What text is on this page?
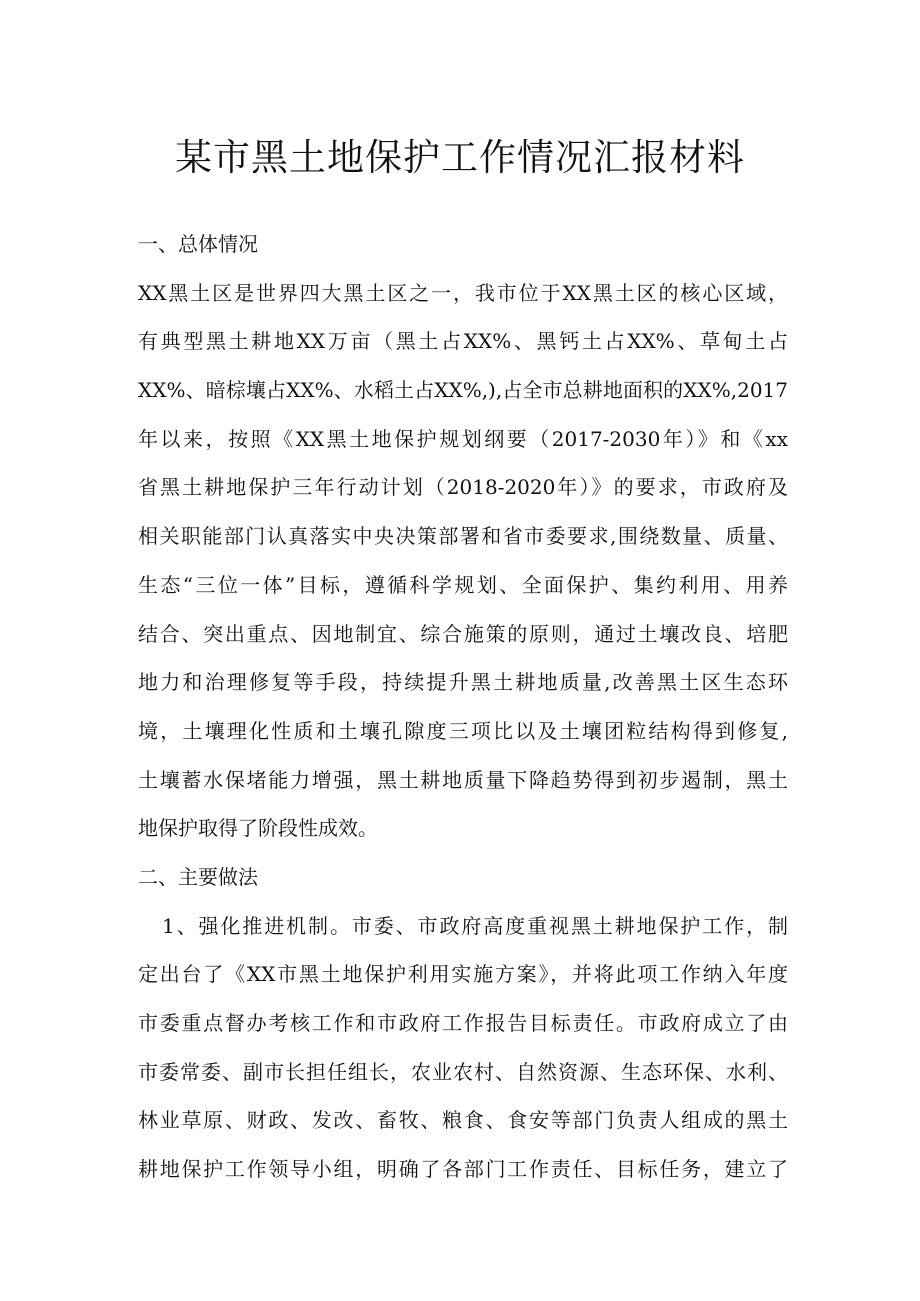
某市黑土地保护工作情况汇报材料
一、总体情况
XX黑土区是世界四大黑土区之一，我市位于XX黑土区的核心区域，
有典型黑土耕地XX万亩（黑土占XX%、黑钙土占XX%、草甸土占
XX%、暗棕壤占XX%、水稻土占XX%,),占全市总耕地面积的XX%,2017
年以来，按照《XX黑土地保护规划纲要（2017-2030年）》和《xx
省黑土耕地保护三年行动计划（2018-2020年）》的要求，市政府及
相关职能部门认真落实中央决策部署和省市委要求,围绕数量、质量、
生态“三位一体”目标，遵循科学规划、全面保护、集约利用、用养
结合、突出重点、因地制宜、综合施策的原则，通过土壤改良、培肥
地力和治理修复等手段，持续提升黑土耕地质量,改善黑土区生态环
境，土壤理化性质和土壤孔隙度三项比以及土壤团粒结构得到修复,
土壤蓄水保堵能力增强，黑土耕地质量下降趋势得到初步遏制，黑土
地保护取得了阶段性成效。
二、主要做法
1、强化推进机制。市委、市政府高度重视黑土耕地保护工作，制
定出台了《XX市黑土地保护利用实施方案》，并将此项工作纳入年度
市委重点督办考核工作和市政府工作报告目标责任。市政府成立了由
市委常委、副市长担任组长，农业农村、自然资源、生态环保、水利、
林业草原、财政、发改、畜牧、粮食、食安等部门负责人组成的黑土
耕地保护工作领导小组，明确了各部门工作责任、目标任务，建立了
